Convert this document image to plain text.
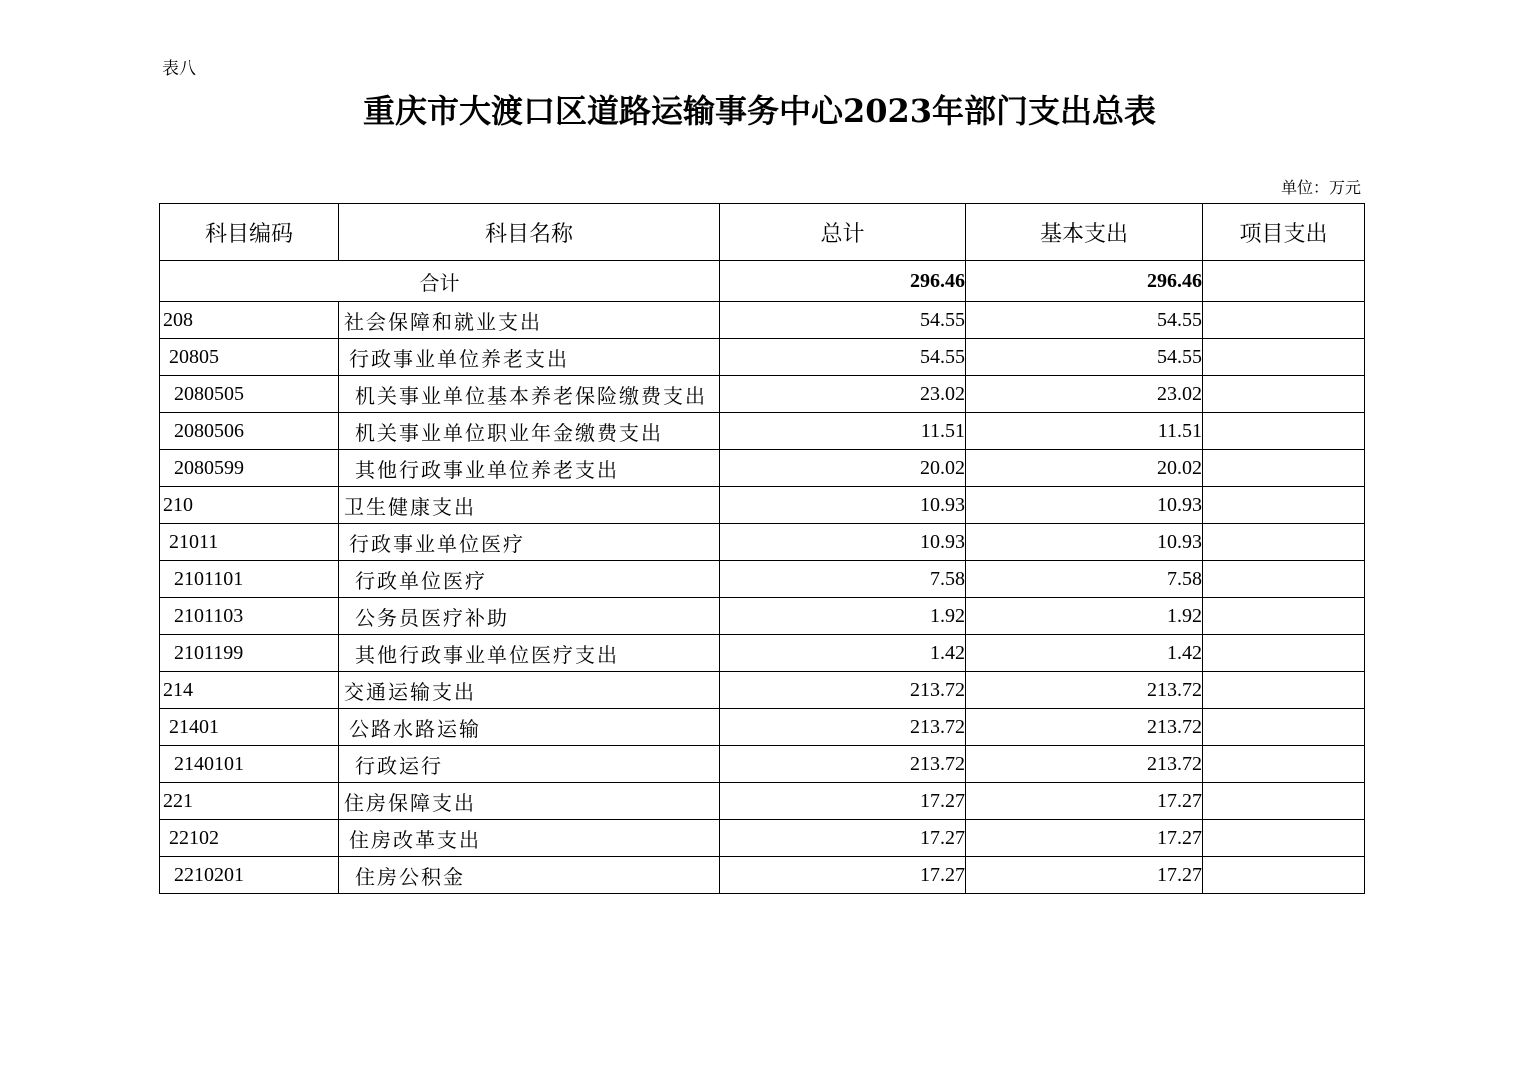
表八
重庆市大渡口区道路运输事务中心2023年部门支出总表
单位：万元
科目编码	科目名称	总计	基本支出	项目支出
合计		296.46	296.46	
208	社会保障和就业支出	54.55	54.55	
20805	行政事业单位养老支出	54.55	54.55	
2080505	机关事业单位基本养老保险缴费支出	23.02	23.02	
2080506	机关事业单位职业年金缴费支出	11.51	11.51	
2080599	其他行政事业单位养老支出	20.02	20.02	
210	卫生健康支出	10.93	10.93	
21011	行政事业单位医疗	10.93	10.93	
2101101	行政单位医疗	7.58	7.58	
2101103	公务员医疗补助	1.92	1.92	
2101199	其他行政事业单位医疗支出	1.42	1.42	
214	交通运输支出	213.72	213.72	
21401	公路水路运输	213.72	213.72	
2140101	行政运行	213.72	213.72	
221	住房保障支出	17.27	17.27	
22102	住房改革支出	17.27	17.27	
2210201	住房公积金	17.27	17.27	
